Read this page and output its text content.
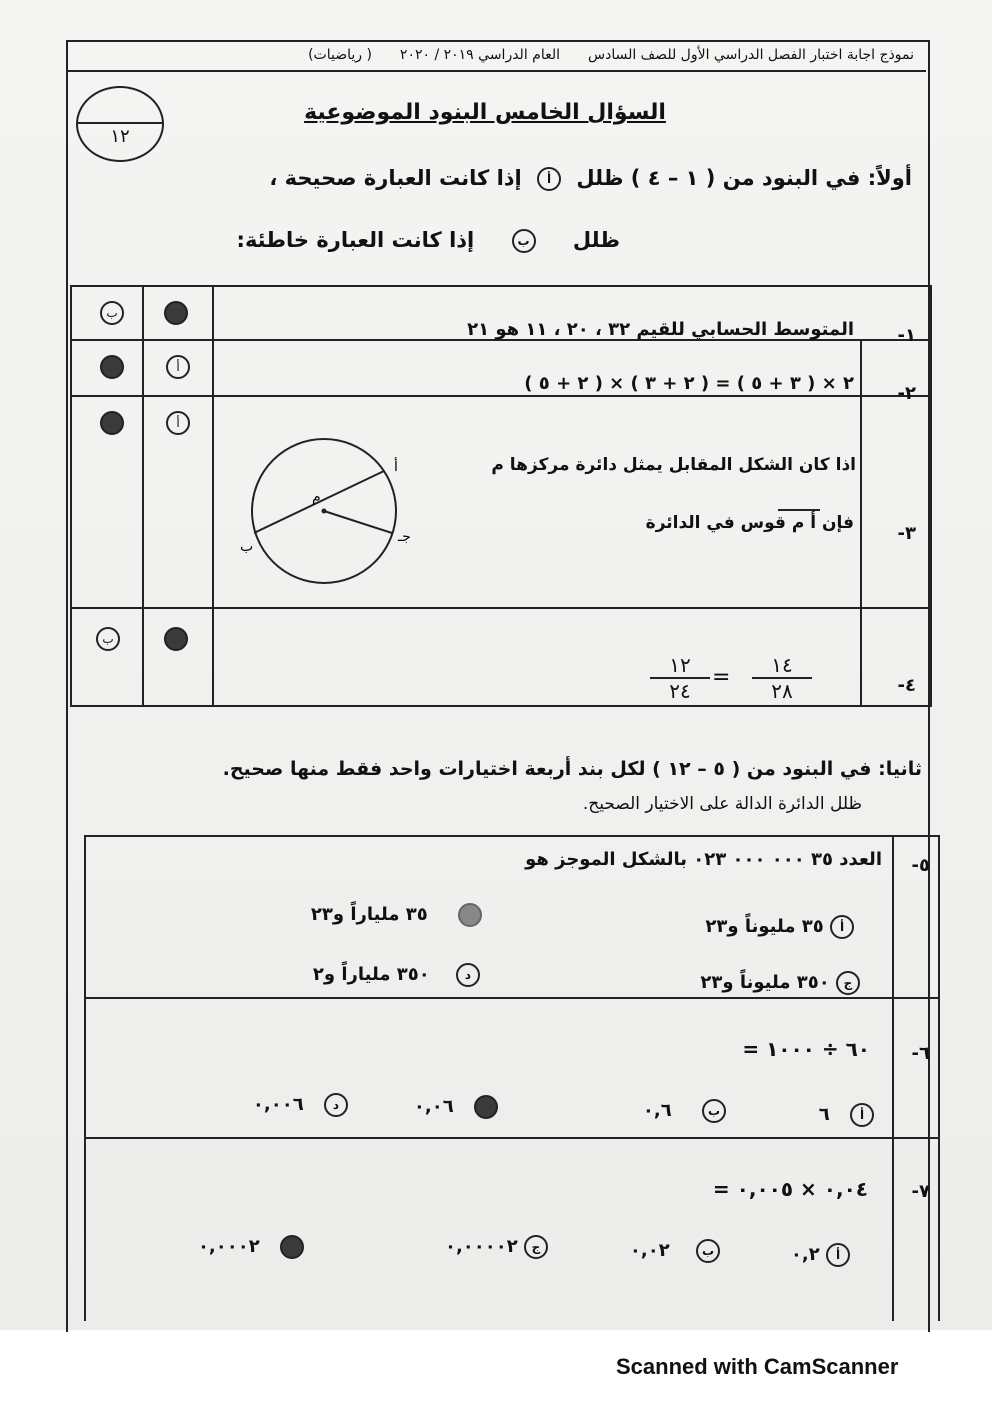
نموذج اجابة اختبار الفصل الدراسي الأول للصف السادس
العام الدراسي ٢٠١٩ / ٢٠٢٠
( رياضيات)
١٢
السؤال الخامس البنود الموضوعية
أولاً: في البنود من ( ١ – ٤ ) ظلل أ إذا كانت العبارة صحيحة ،
ظلل ب إذا كانت العبارة خاطئة:
ب
المتوسط الحسابي للقيم ٣٢ ، ٢٠ ، ١١ هو ٢١ ١-
أ
٢ × ( ٣ + ٥ ) = ( ٢ + ٣ ) × ( ٢ + ٥ ) ٢-
أ
اذا كان الشكل المقابل يمثل دائرة مركزها م
فإن أ م قوس في الدائرة ٣-
م
أ
ب
جـ
ب
١٤
٢٨
=
١٢
٢٤	٤-
ثانيا: في البنود من ( ٥ – ١٢ ) لكل بند أربعة اختيارات واحد فقط منها صحيح.
ظلل الدائرة الدالة على الاختيار الصحيح.
٥-
العدد ٣٥ ٠٠٠ ٠٠٠ ٠٢٣ بالشكل الموجز هو
أ ٣٥ مليوناً و٢٣
٣٥ ملياراً و٢٣
ج ٣٥٠ مليوناً و٢٣
د ٣٥٠ ملياراً و٢
٦-
٦٠ ÷ ١٠٠٠ =
أ ٦
ب ٠,٦
٠,٠٦
د ٠,٠٠٦
٧-
٠,٠٤ × ٠,٠٠٥ =
أ ٠,٢
ب ٠,٠٢
ج ٠,٠٠٠٠٢
٠,٠٠٠٢
Scanned with CamScanner
